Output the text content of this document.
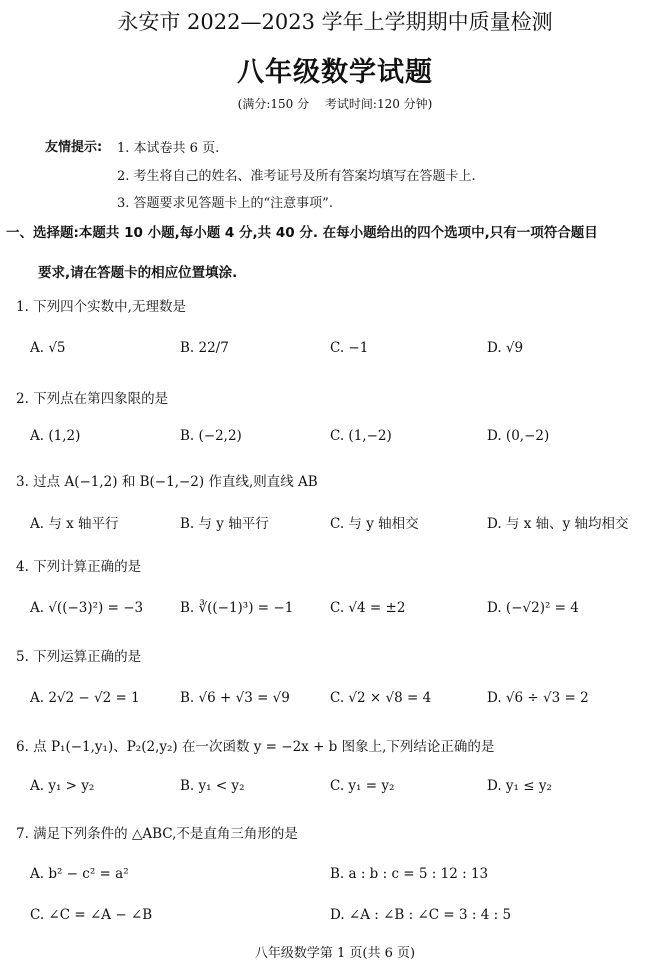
永安市 2022—2023 学年上学期期中质量检测
八年级数学试题
(满分:150 分　 考试时间:120 分钟)
友情提示: 1. 本试卷共 6 页.
2. 考生将自己的姓名、准考证号及所有答案均填写在答题卡上.
3. 答题要求见答题卡上的“注意事项”.
一、选择题:本题共 10 小题,每小题 4 分,共 40 分. 在每小题给出的四个选项中,只有一项符合题目
要求,请在答题卡的相应位置填涂.
1. 下列四个实数中,无理数是
A. √5	B. 22/7	C. −1	D. √9
2. 下列点在第四象限的是
A. (1,2)	B. (−2,2)	C. (1,−2)	D. (0,−2)
3. 过点 A(−1,2) 和 B(−1,−2) 作直线,则直线 AB
A. 与 x 轴平行	B. 与 y 轴平行	C. 与 y 轴相交	D. 与 x 轴、y 轴均相交
4. 下列计算正确的是
A. √((−3)²) = −3	B. ∛((−1)³) = −1	C. √4 = ±2	D. (−√2)² = 4
5. 下列运算正确的是
A. 2√2 − √2 = 1	B. √6 + √3 = √9	C. √2 × √8 = 4	D. √6 ÷ √3 = 2
6. 点 P₁(−1,y₁)、P₂(2,y₂) 在一次函数 y = −2x + b 图象上,下列结论正确的是
A. y₁ > y₂	B. y₁ < y₂	C. y₁ = y₂	D. y₁ ≤ y₂
7. 满足下列条件的 △ABC,不是直角三角形的是
A. b² − c² = a²	B. a : b : c = 5 : 12 : 13
C. ∠C = ∠A − ∠B	D. ∠A : ∠B : ∠C = 3 : 4 : 5
八年级数学第 1 页(共 6 页)
